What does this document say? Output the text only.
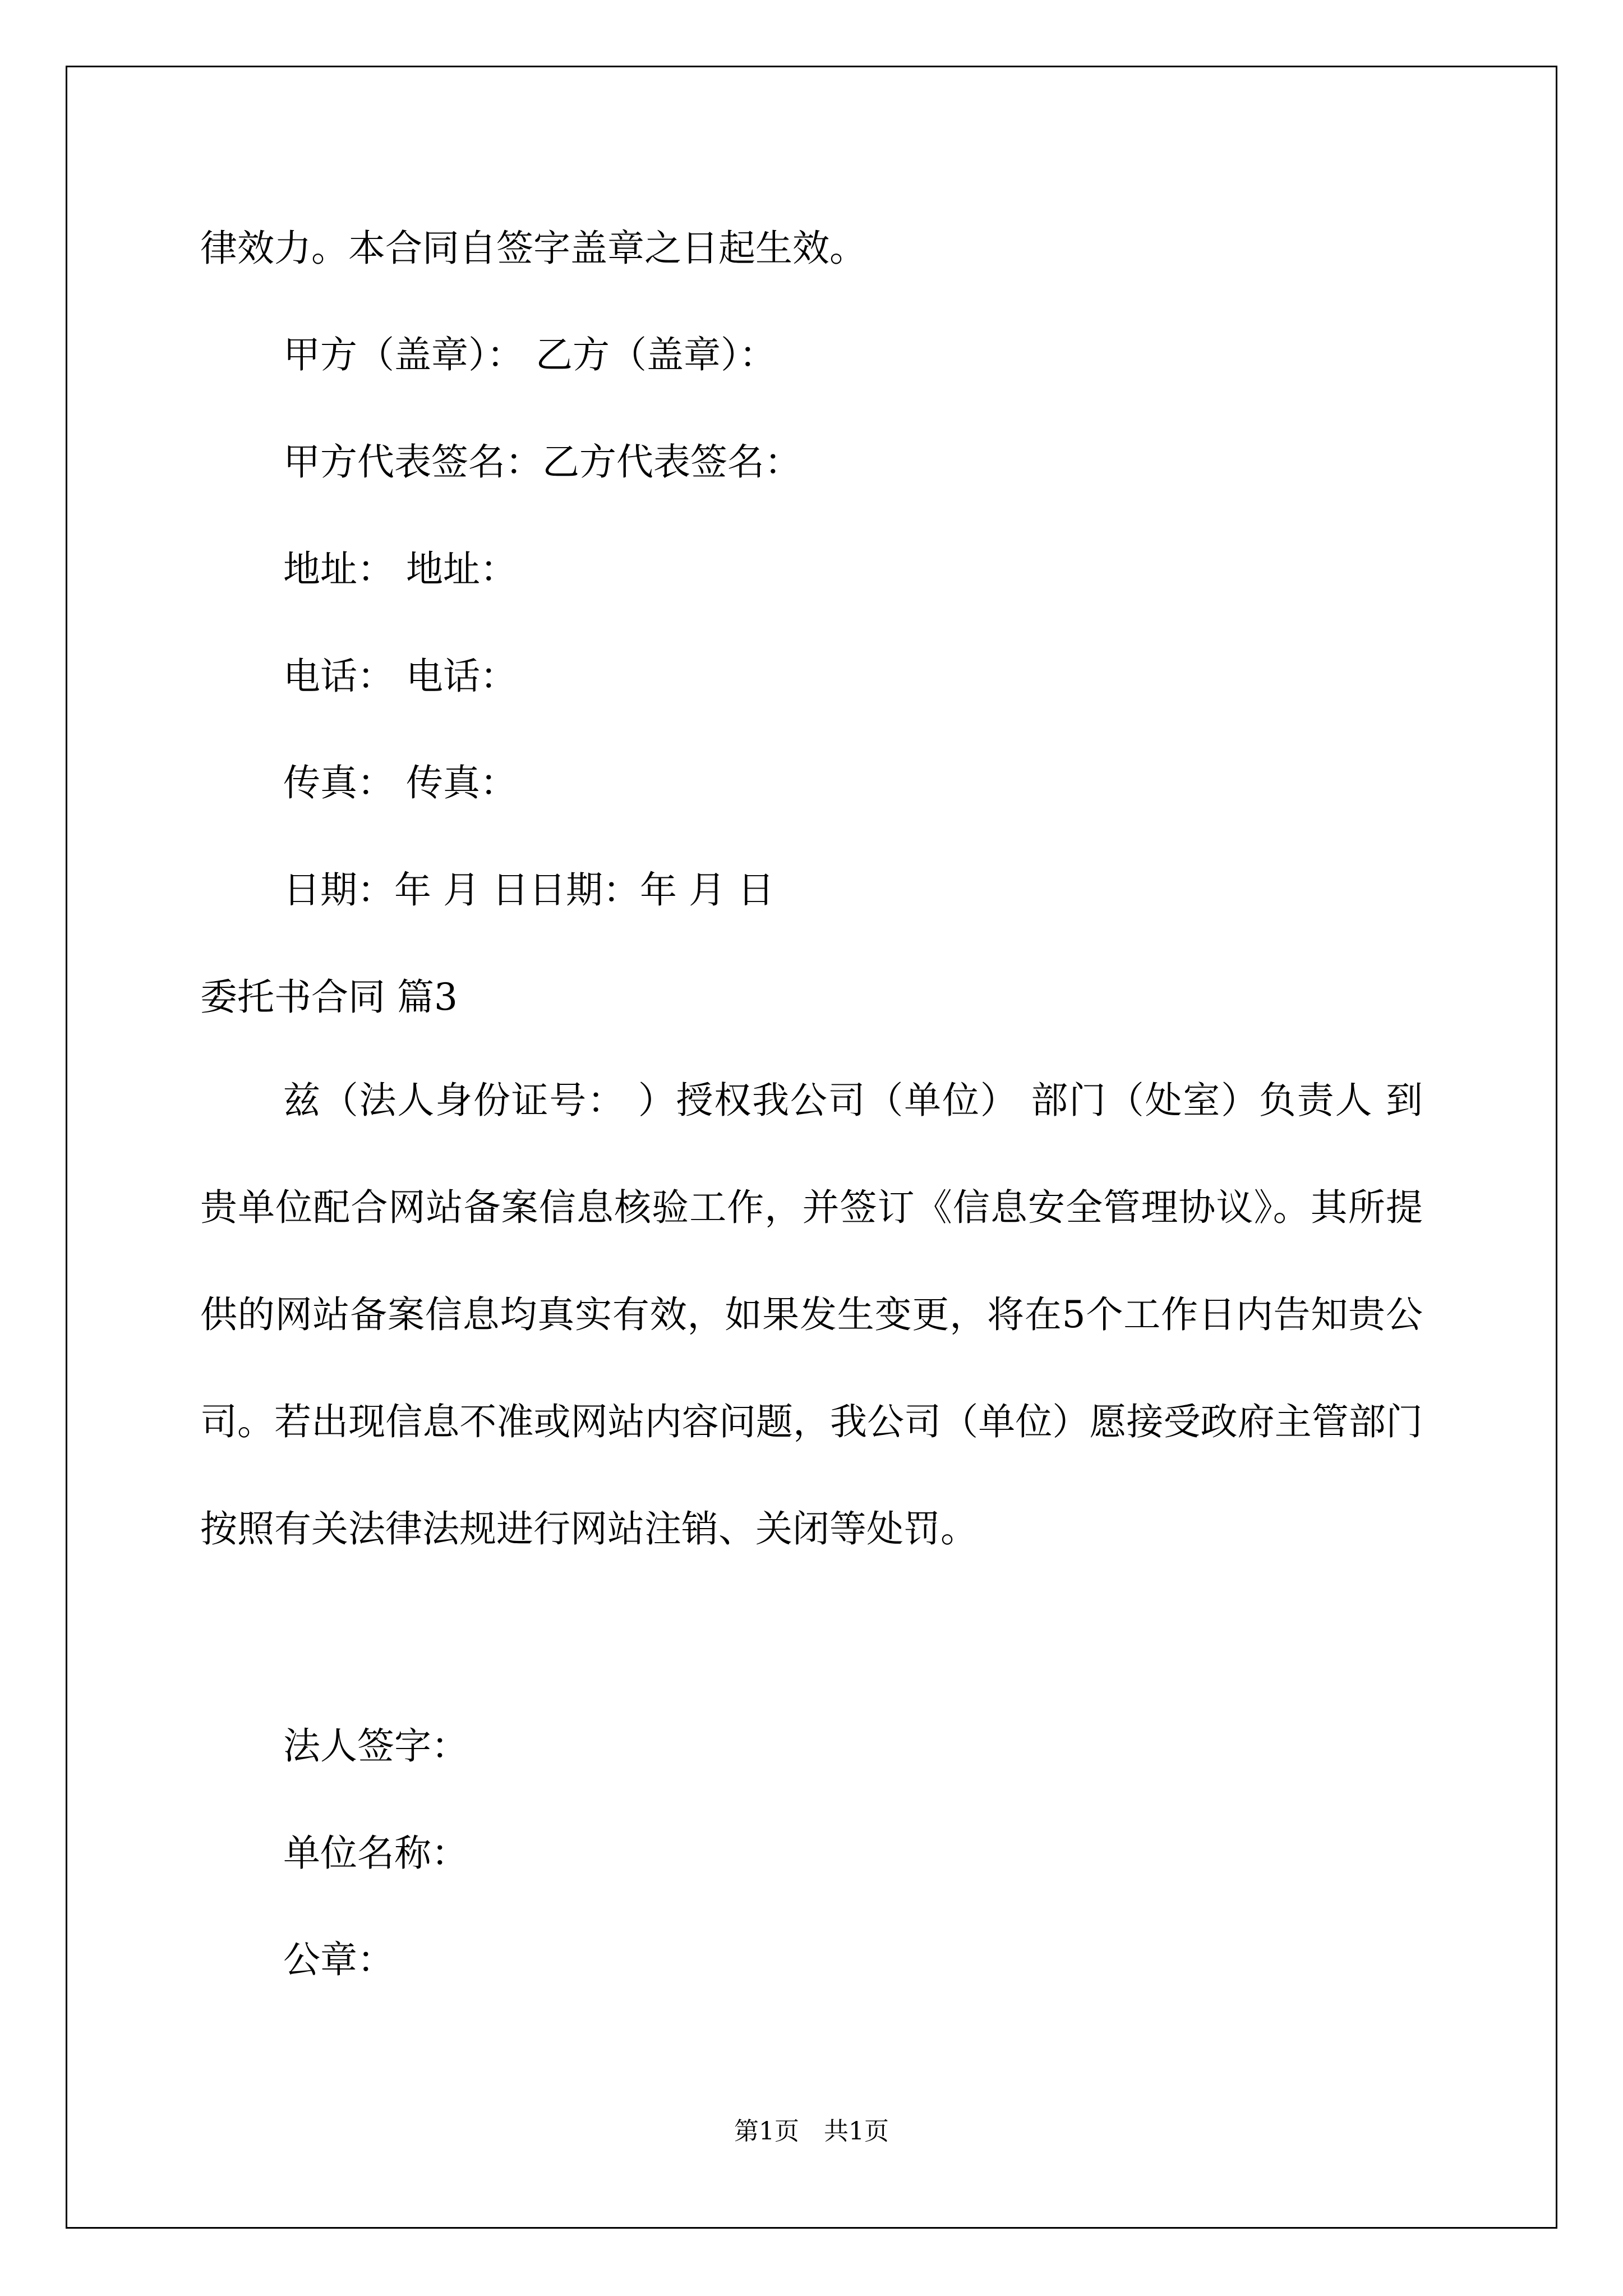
律效力。本合同自签字盖章之日起生效。
甲方（盖章）： 乙方（盖章）：
甲方代表签名：乙方代表签名：
地址： 地址：
电话： 电话：
传真： 传真：
日期：年 月 日日期：年 月 日
委托书合同 篇3

兹（法人身份证号： ）授权我公司（单位） 部门（处室）负责人 到贵单位配合网站备案信息核验工作，并签订《信息安全管理协议》。其所提供的网站备案信息均真实有效，如果发生变更，将在5个工作日内告知贵公司。若出现信息不准或网站内容问题，我公司（单位）愿接受政府主管部门按照有关法律法规进行网站注销、关闭等处罚。

法人签字：
单位名称：
公章：
第1页　共1页
